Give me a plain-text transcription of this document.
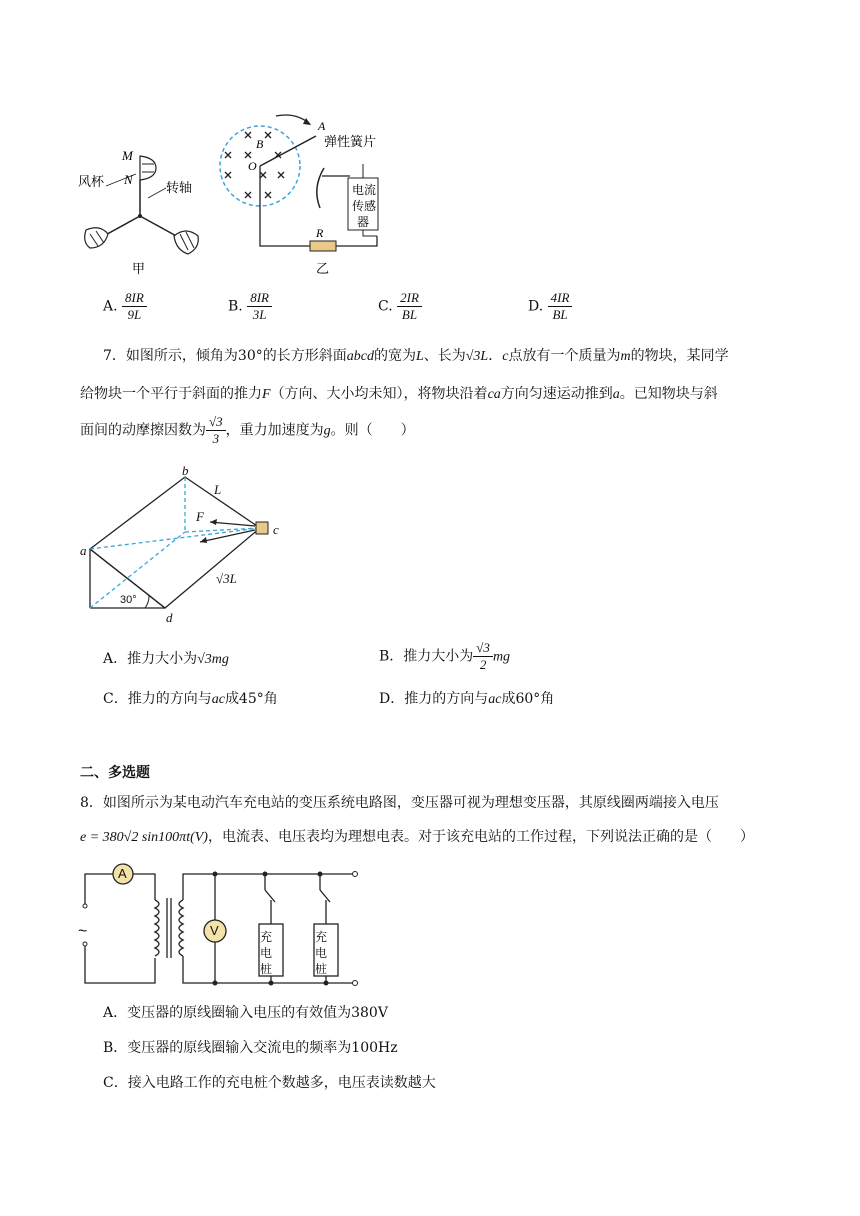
M
N
风杯	转轴
甲
A
B
O
弹性簧片
电流
传感
器
R
乙
A. $\frac{8IR}{9L}$	B. $\frac{8IR}{3L}$	C. $\frac{2IR}{BL}$	D. $\frac{4IR}{BL}$
7．如图所示，倾角为30°的长方形斜面abcd的宽为L、长为√3L．c点放有一个质量为m的物块，某同学
给物块一个平行于斜面的推力F（方向、大小均未知），将物块沿着ca方向匀速运动推到a。已知物块与斜
面间的动摩擦因数为 $\frac{√3}{3}$ ，重力加速度为g。则（　　）
b
L
F
c
a
√3L
30°
d
A．推力大小为√3mg	B．推力大小为 $\frac{√3}{2}$ mg
C．推力的方向与ac成45°角	D．推力的方向与ac成60°角
二、多选题
8．如图所示为某电动汽车充电站的变压系统电路图，变压器可视为理想变压器，其原线圈两端接入电压
e = 380√2 sin100πt(V)，电流表、电压表均为理想电表。对于该充电站的工作过程，下列说法正确的是（　　）
A
V
~	充
电
桩
充
电
桩
A．变压器的原线圈输入电压的有效值为380V
B．变压器的原线圈输入交流电的频率为100Hz
C．接入电路工作的充电桩个数越多，电压表读数越大
